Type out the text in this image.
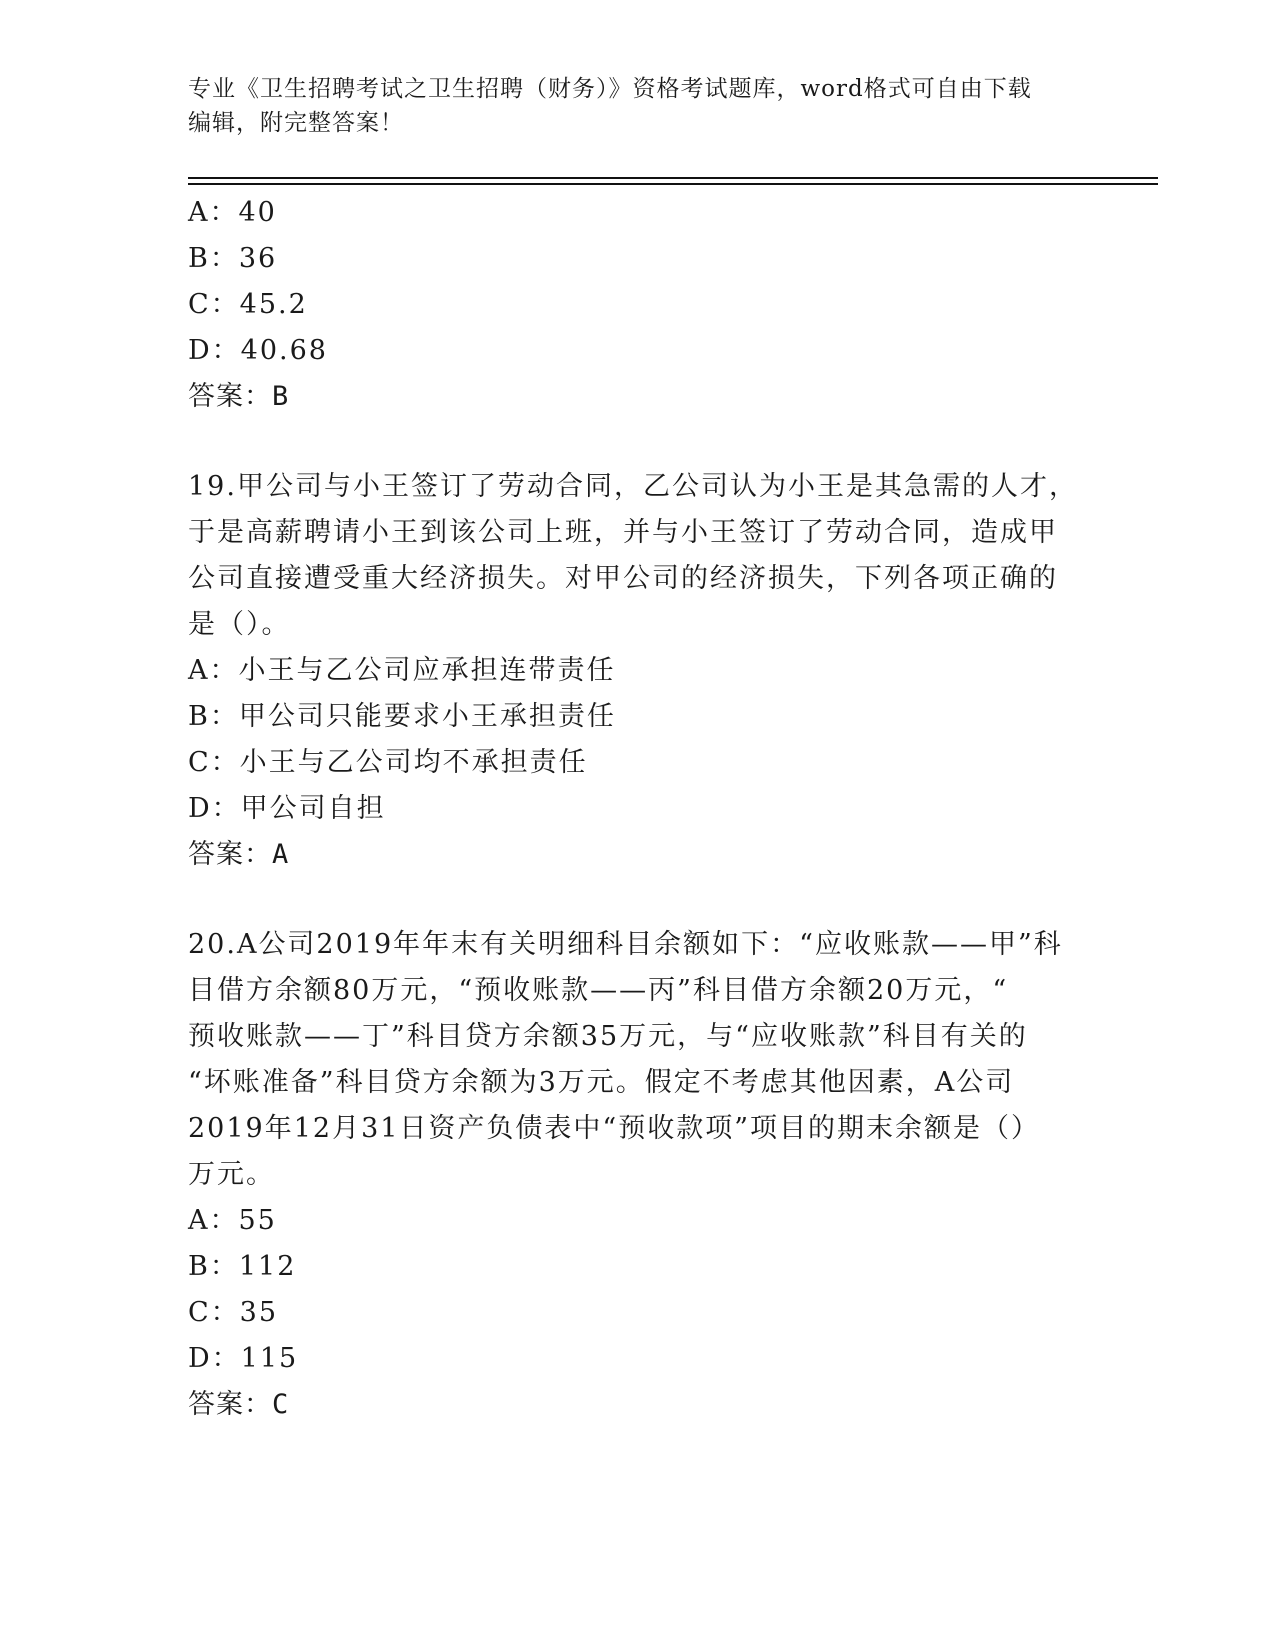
专业《卫生招聘考试之卫生招聘（财务）》资格考试题库，word格式可自由下载
编辑，附完整答案！
A：40
B：36
C：45.2
D：40.68
答案：B
19.甲公司与小王签订了劳动合同，乙公司认为小王是其急需的人才，
于是高薪聘请小王到该公司上班，并与小王签订了劳动合同，造成甲
公司直接遭受重大经济损失。对甲公司的经济损失，下列各项正确的
是（）。
A：小王与乙公司应承担连带责任
B：甲公司只能要求小王承担责任
C：小王与乙公司均不承担责任
D：甲公司自担
答案：A
20.A公司2019年年末有关明细科目余额如下：“应收账款——甲”科
目借方余额80万元，“预收账款——丙”科目借方余额20万元，“
预收账款——丁”科目贷方余额35万元，与“应收账款”科目有关的
“坏账准备”科目贷方余额为3万元。假定不考虑其他因素，A公司
2019年12月31日资产负债表中“预收款项”项目的期末余额是（）
万元。
A：55
B：112
C：35
D：115
答案：C
